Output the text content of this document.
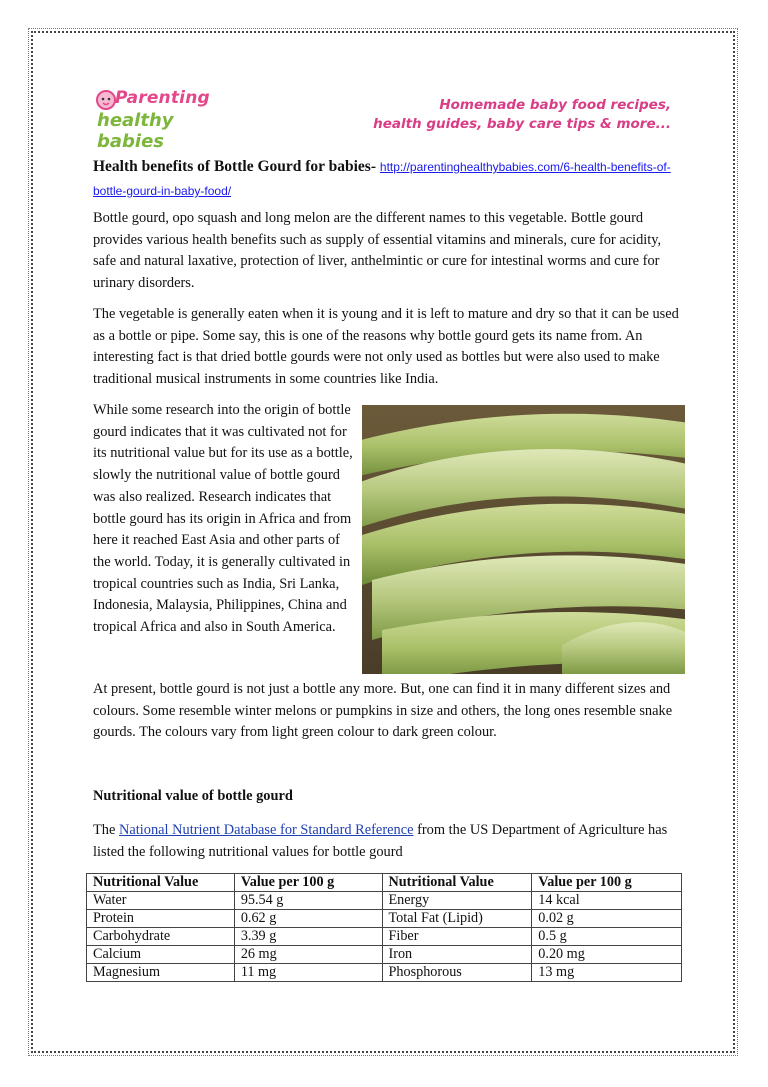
Parenting
healthy babies
Homemade baby food recipes,
health guides, baby care tips & more...
Health benefits of Bottle Gourd for babies- http://parentinghealthybabies.com/6-health-benefits-of-bottle-gourd-in-baby-food/

Bottle gourd, opo squash and long melon are the different names to this vegetable. Bottle gourd provides various health benefits such as supply of essential vitamins and minerals, cure for acidity, safe and natural laxative, protection of liver, anthelmintic or cure for intestinal worms and cure for urinary disorders.

The vegetable is generally eaten when it is young and it is left to mature and dry so that it can be used as a bottle or pipe. Some say, this is one of the reasons why bottle gourd gets its name from. An interesting fact is that dried bottle gourds were not only used as bottles but were also used to make traditional musical instruments in some countries like India.

While some research into the origin of bottle gourd indicates that it was cultivated not for its nutritional value but for its use as a bottle, slowly the nutritional value of bottle gourd was also realized. Research indicates that bottle gourd has its origin in Africa and from here it reached East Asia and other parts of the world. Today, it is generally cultivated in tropical countries such as India, Sri Lanka, Indonesia, Malaysia, Philippines, China and tropical Africa and also in South America.

At present, bottle gourd is not just a bottle any more. But, one can find it in many different sizes and colours. Some resemble winter melons or pumpkins in size and others, the long ones resemble snake gourds. The colours vary from light green colour to dark green colour.

Nutritional value of bottle gourd

The National Nutrient Database for Standard Reference from the US Department of Agriculture has listed the following nutritional values for bottle gourd

Nutritional Value	Value per 100 g	Nutritional Value	Value per 100 g
Water	95.54 g	Energy	14 kcal
Protein	0.62 g	Total Fat (Lipid)	0.02 g
Carbohydrate	3.39 g	Fiber	0.5 g
Calcium	26 mg	Iron	0.20 mg
Magnesium	11 mg	Phosphorous	13 mg
